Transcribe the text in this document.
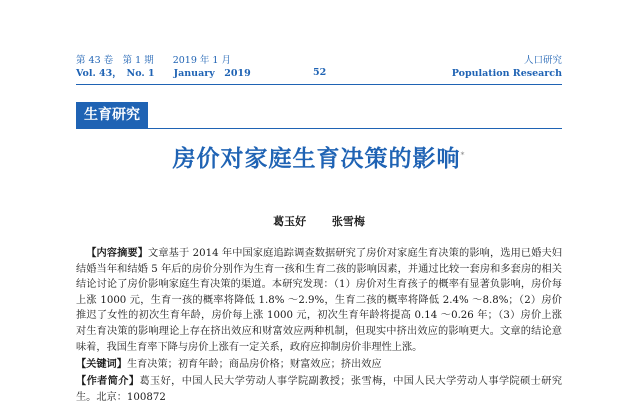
第 43 卷　第 1 期　　2019 年 1 月
Vol. 43，　No. 1　　January　2019	52
人口研究
Population Research
生育研究
房价对家庭生育决策的影响*
葛玉好 张雪梅
【内容摘要】文章基于 2014 年中国家庭追踪调查数据研究了房价对家庭生育决策的影响，选用已婚夫妇结婚当年和结婚 5 年后的房价分别作为生育一孩和生育二孩的影响因素，并通过比较一套房和多套房的相关结论讨论了房价影响家庭生育决策的渠道。本研究发现：（1）房价对生育孩子的概率有显著负影响，房价每上涨 1000 元，生育一孩的概率将降低 1.8% ～2.9%，生育二孩的概率将降低 2.4% ～8.8%；（2）房价推迟了女性的初次生育年龄，房价每上涨 1000 元，初次生育年龄将提高 0.14 ～0.26 年；（3）房价上涨对生育决策的影响理论上存在挤出效应和财富效应两种机制，但现实中挤出效应的影响更大。文章的结论意味着，我国生育率下降与房价上涨有一定关系，政府应抑制房价非理性上涨。
【关键词】生育决策；初育年龄；商品房价格；财富效应；挤出效应
【作者简介】葛玉好，中国人民大学劳动人事学院副教授；张雪梅，中国人民大学劳动人事学院硕士研究生。北京：100872
